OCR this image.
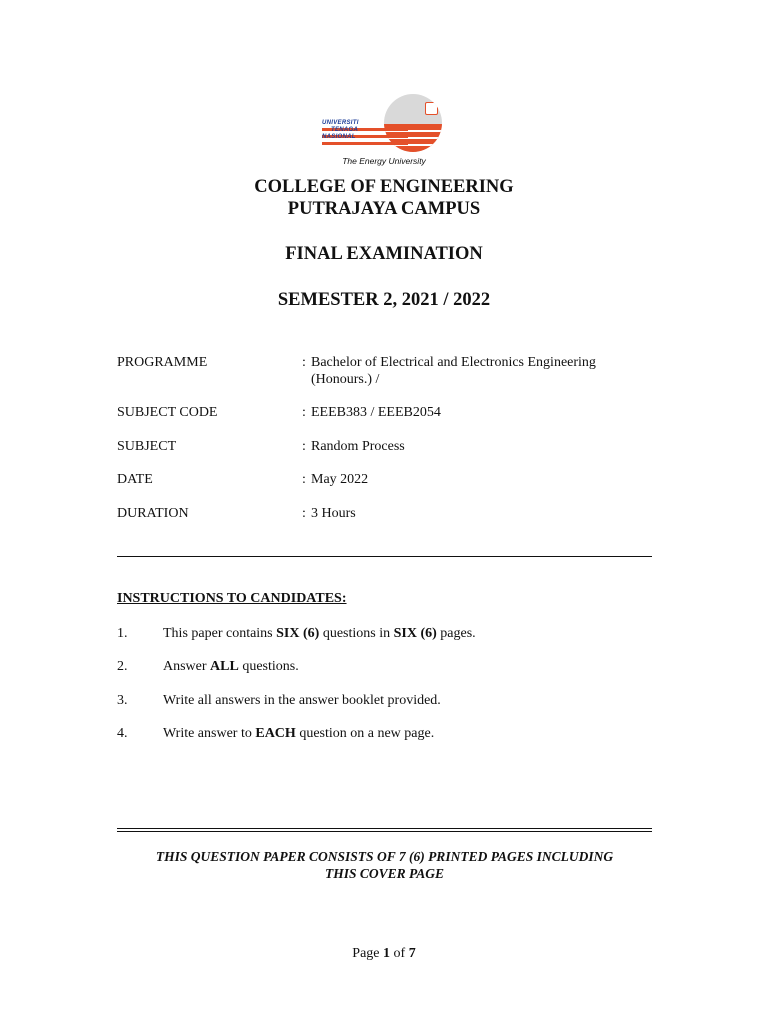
UNIVERSITI
TENAGA
NASIONAL
The Energy University
COLLEGE OF ENGINEERING
PUTRAJAYA CAMPUS
FINAL EXAMINATION
SEMESTER 2, 2021 / 2022
PROGRAMME	: Bachelor of Electrical and Electronics Engineering
(Honours.) /
SUBJECT CODE	: EEEB383 / EEEB2054
SUBJECT	: Random Process
DATE	: May 2022
DURATION	: 3 Hours
INSTRUCTIONS TO CANDIDATES:
1.	This paper contains SIX (6) questions in SIX (6) pages.
2.	Answer ALL questions.
3.	Write all answers in the answer booklet provided.
4.	Write answer to EACH question on a new page.
THIS QUESTION PAPER CONSISTS OF 7 (6) PRINTED PAGES INCLUDING
THIS COVER PAGE
Page 1 of 7
